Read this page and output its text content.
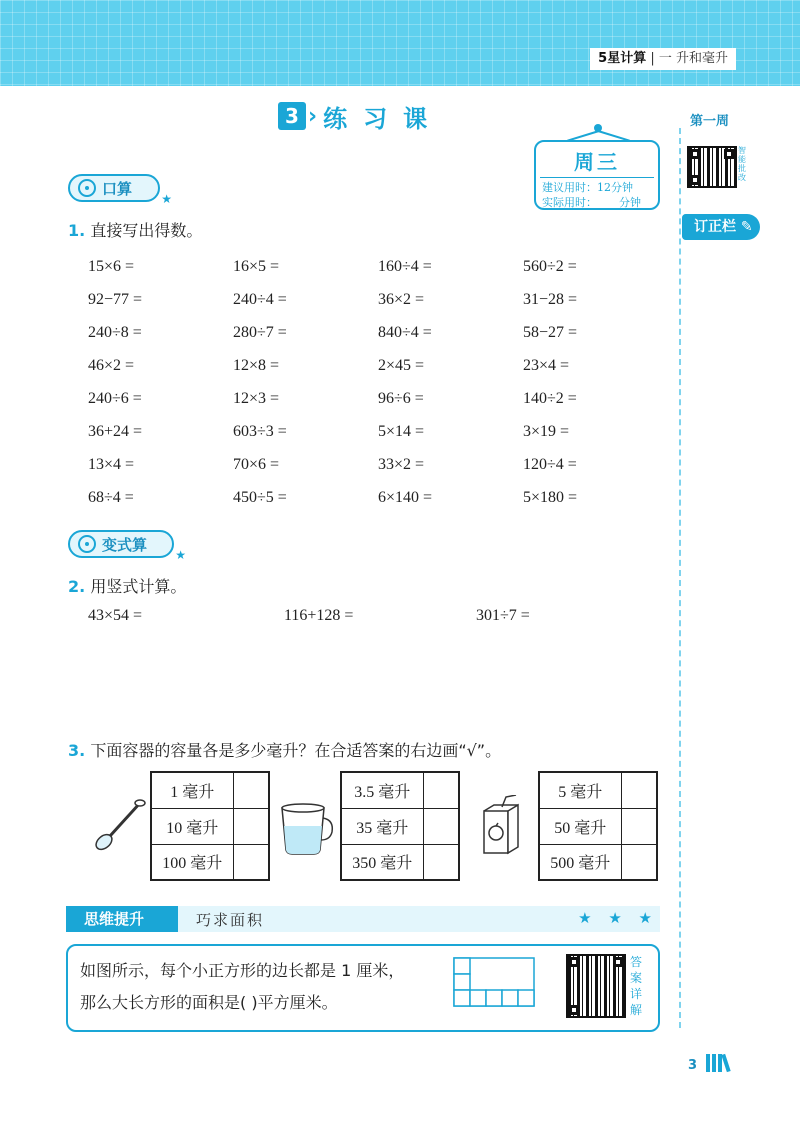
5星计算 | 一 升和毫升
3 › 练习课
周三
建议用时：12分钟
实际用时：____分钟
第一周
智能批改
订正栏 ✎
口算
★
1. 直接写出得数。
15×6 =	16×5 =	160÷4 =	560÷2 =
92−77 =	240÷4 =	36×2 =	31−28 =
240÷8 =	280÷7 =	840÷4 =	58−27 =
46×2 =	12×8 =	2×45 =	23×4 =
240÷6 =	12×3 =	96÷6 =	140÷2 =
36+24 =	603÷3 =	5×14 =	3×19 =
13×4 =	70×6 =	33×2 =	120÷4 =
68÷4 =	450÷5 =	6×140 =	5×180 =
变式算
★
2. 用竖式计算。
43×54 =	116+128 =	301÷7 =
3. 下面容器的容量各是多少毫升？在合适答案的右边画“√”。
1 毫升	
10 毫升	
100 毫升	
3.5 毫升	
35 毫升	
350 毫升	
5 毫升	
50 毫升	
500 毫升	
思维提升	巧求面积	★ ★ ★
如图所示，每个小正方形的边长都是 1 厘米，
那么大长方形的面积是( )平方厘米。
答案详解
3
